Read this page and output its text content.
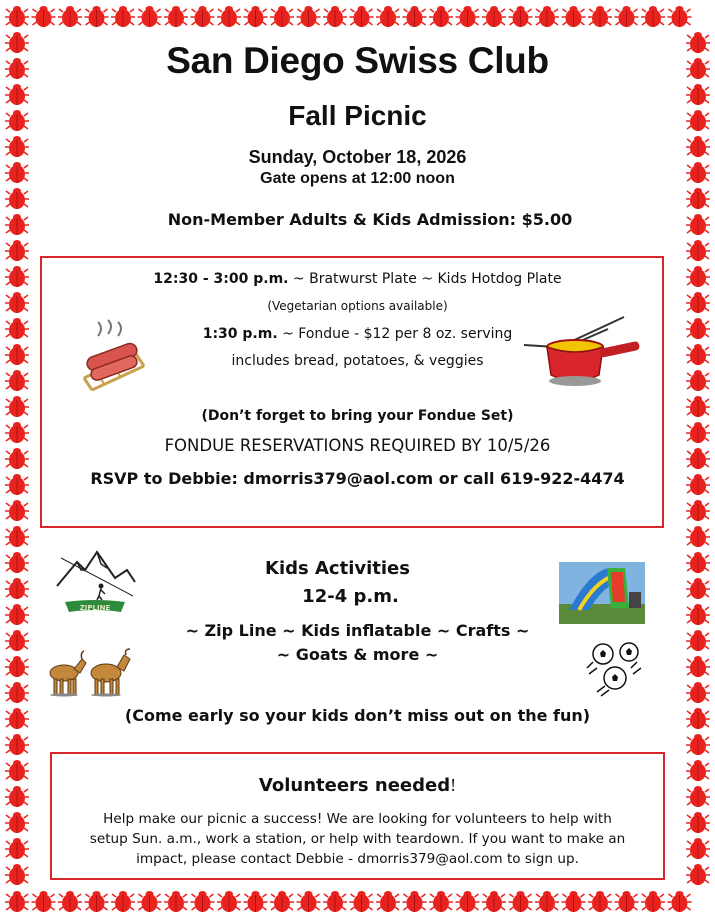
San Diego Swiss Club
Fall Picnic
Sunday, October 18, 2026
Gate opens at 12:00 noon
Non-Member Adults & Kids Admission: $5.00
12:30 - 3:00 p.m. ~ Bratwurst Plate ~ Kids Hotdog Plate
(Vegetarian options available)
1:30 p.m. ~ Fondue - $12 per 8 oz. serving
includes bread, potatoes, & veggies
(Don’t forget to bring your Fondue Set)
FONDUE RESERVATIONS REQUIRED BY 10/5/26
RSVP to Debbie: dmorris379@aol.com or call 619-922-4474
Kids Activities
12-4 p.m.
~ Zip Line ~ Kids inflatable ~ Crafts ~
~ Goats & more ~
(Come early so your kids don’t miss out on the fun)
ZIPLINE
Volunteers needed!
Help make our picnic a success! We are looking for volunteers to help with
setup Sun. a.m., work a station, or help with teardown. If you want to make an
impact, please contact Debbie - dmorris379@aol.com to sign up.
